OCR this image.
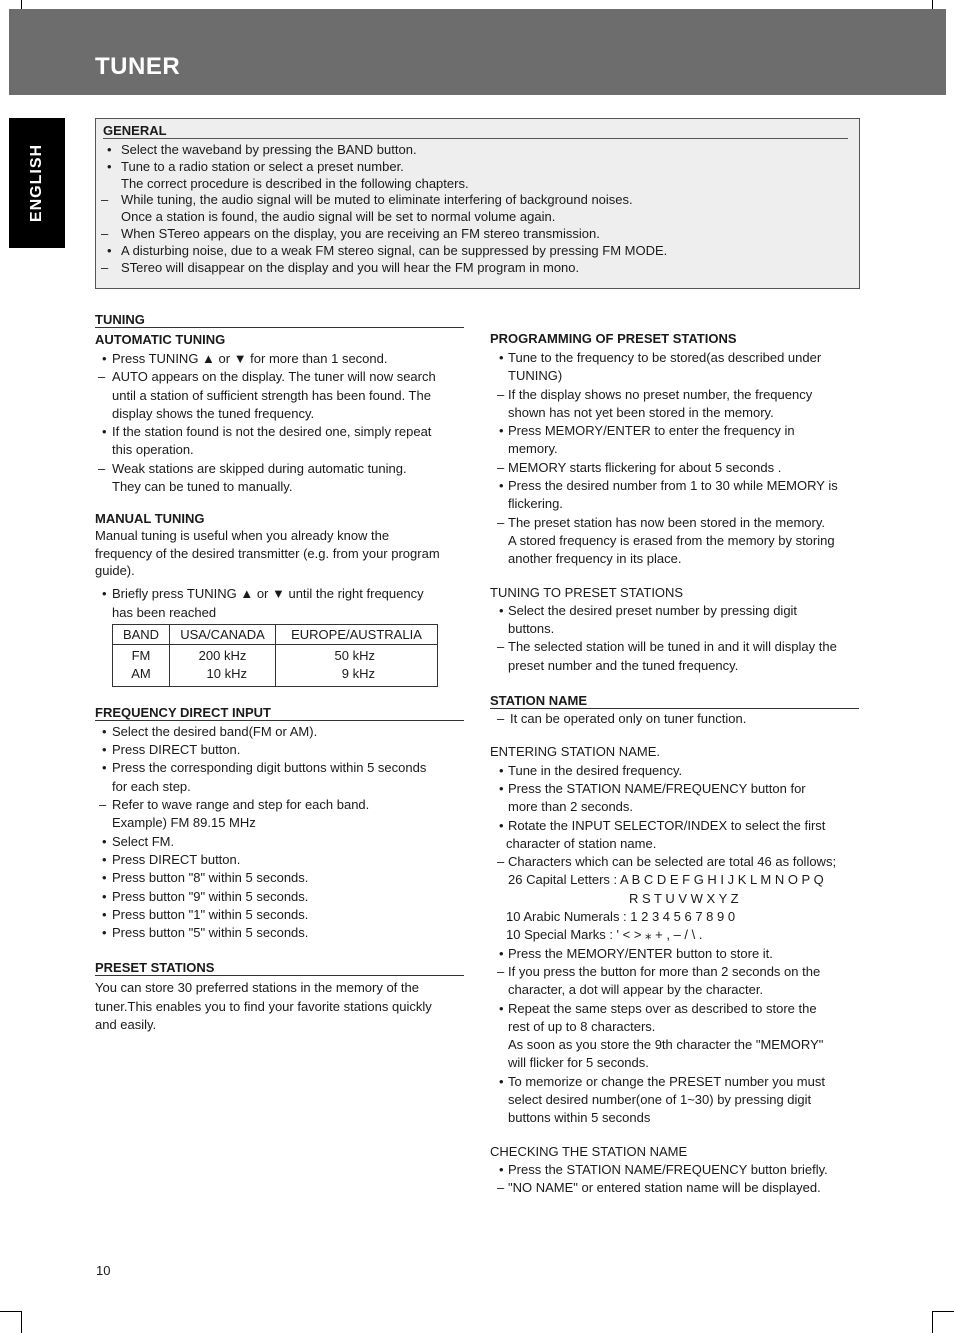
TUNER
ENGLISH
GENERAL
• Select the waveband by pressing the BAND button.
• Tune to a radio station or select a preset number.
The correct procedure is described in the following chapters.
– While tuning, the audio signal will be muted to eliminate interfering of background noises.
Once a station is found, the audio signal will be set to normal volume again.
– When STereo appears on the display, you are receiving an FM stereo transmission.
• A disturbing noise, due to a weak FM stereo signal, can be suppressed by pressing FM MODE.
– STereo will disappear on the display and you will hear the FM program in mono.
TUNING
AUTOMATIC TUNING
• Press TUNING ▲ or ▼ for more than 1 second.
– AUTO appears on the display. The tuner will now search
until a station of sufficient strength has been found. The
display shows the tuned frequency.
• If the station found is not the desired one, simply repeat
this operation.
– Weak stations are skipped during automatic tuning.
They can be tuned to manually.
MANUAL TUNING
Manual tuning is useful when you already know the
frequency of the desired transmitter (e.g. from your program
guide).
• Briefly press TUNING ▲ or ▼ until the right frequency
has been reached
BAND	USA/CANADA	EUROPE/AUSTRALIA
FM	200 kHz	50 kHz
AM	10 kHz	9 kHz
FREQUENCY DIRECT INPUT
• Select the desired band(FM or AM).
• Press DIRECT button.
• Press the corresponding digit buttons within 5 seconds
for each step.
– Refer to wave range and step for each band.
Example) FM 89.15 MHz
• Select FM.
• Press DIRECT button.
• Press button "8" within 5 seconds.
• Press button "9" within 5 seconds.
• Press button "1" within 5 seconds.
• Press button "5" within 5 seconds.
PRESET STATIONS
You can store 30 preferred stations in the memory of the
tuner.This enables you to find your favorite stations quickly
and easily.
PROGRAMMING OF PRESET STATIONS
• Tune to the frequency to be stored(as described under
TUNING)
– If the display shows no preset number, the frequency
shown has not yet been stored in the memory.
• Press MEMORY/ENTER to enter the frequency in
memory.
– MEMORY starts flickering for about 5 seconds .
• Press the desired number from 1 to 30 while MEMORY is
flickering.
– The preset station has now been stored in the memory.
A stored frequency is erased from the memory by storing
another frequency in its place.
TUNING TO PRESET STATIONS
• Select the desired preset number by pressing digit
buttons.
– The selected station will be tuned in and it will display the
preset number and the tuned frequency.
STATION NAME
– It can be operated only on tuner function.
ENTERING STATION NAME.
• Tune in the desired frequency.
• Press the STATION NAME/FREQUENCY button for
more than 2 seconds.
• Rotate the INPUT SELECTOR/INDEX to select the first
character of station name.
– Characters which can be selected are total 46 as follows;
26 Capital Letters : A B C D E F G H I J K L M N O P Q
R S T U V W X Y Z
10 Arabic Numerals : 1 2 3 4 5 6 7 8 9 0
10 Special Marks : ' < > ⁎ + , – / \ .
• Press the MEMORY/ENTER button to store it.
– If you press the button for more than 2 seconds on the
character, a dot will appear by the character.
• Repeat the same steps over as described to store the
rest of up to 8 characters.
As soon as you store the 9th character the "MEMORY"
will flicker for 5 seconds.
• To memorize or change the PRESET number you must
select desired number(one of 1~30) by pressing digit
buttons within 5 seconds
CHECKING THE STATION NAME
• Press the STATION NAME/FREQUENCY button briefly.
– "NO NAME" or entered station name will be displayed.
10
